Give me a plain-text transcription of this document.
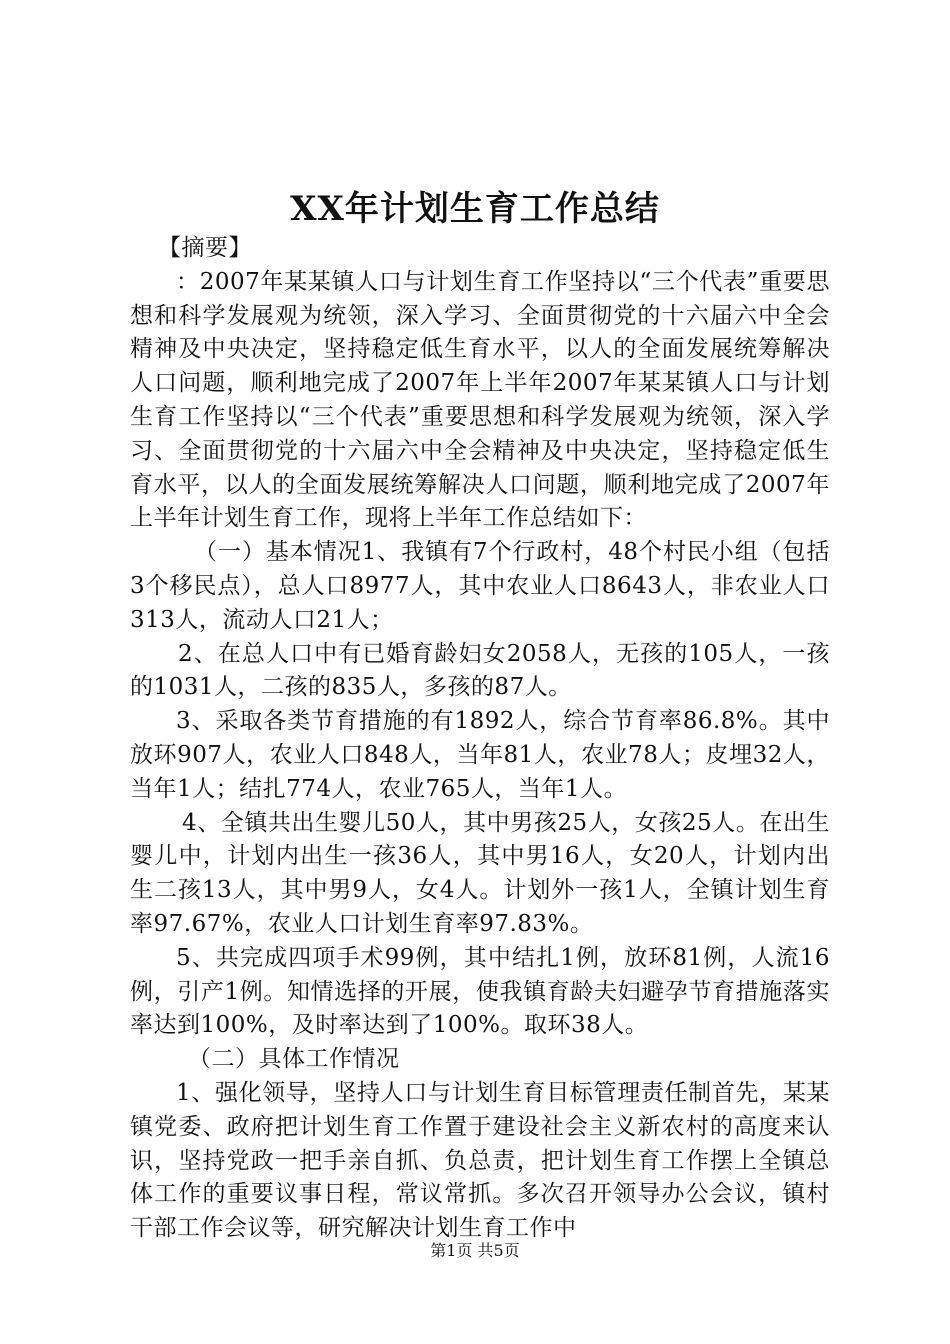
XX年计划生育工作总结

【摘要】

：2007年某某镇人口与计划生育工作坚持以“三个代表”重要思想和科学发展观为统领，深入学习、全面贯彻党的十六届六中全会精神及中央决定，坚持稳定低生育水平，以人的全面发展统筹解决人口问题，顺利地完成了2007年上半年2007年某某镇人口与计划生育工作坚持以“三个代表”重要思想和科学发展观为统领，深入学习、全面贯彻党的十六届六中全会精神及中央决定，坚持稳定低生育水平，以人的全面发展统筹解决人口问题，顺利地完成了2007年上半年计划生育工作，现将上半年工作总结如下：

（一）基本情况1、我镇有7个行政村，48个村民小组（包括3个移民点），总人口8977人，其中农业人口8643人，非农业人口313人，流动人口21人；

2、在总人口中有已婚育龄妇女2058人，无孩的105人，一孩的1031人，二孩的835人，多孩的87人。

3、采取各类节育措施的有1892人，综合节育率86.8%。其中放环907人，农业人口848人，当年81人，农业78人；皮埋32人，当年1人；结扎774人，农业765人，当年1人。

4、全镇共出生婴儿50人，其中男孩25人，女孩25人。在出生婴儿中，计划内出生一孩36人，其中男16人，女20人，计划内出生二孩13人，其中男9人，女4人。计划外一孩1人，全镇计划生育率97.67%，农业人口计划生育率97.83%。

5、共完成四项手术99例，其中结扎1例，放环81例，人流16例，引产1例。知情选择的开展，使我镇育龄夫妇避孕节育措施落实率达到100%，及时率达到了100%。取环38人。

（二）具体工作情况

1、强化领导，坚持人口与计划生育目标管理责任制首先，某某镇党委、政府把计划生育工作置于建设社会主义新农村的高度来认识，坚持党政一把手亲自抓、负总责，把计划生育工作摆上全镇总体工作的重要议事日程，常议常抓。多次召开领导办公会议，镇村干部工作会议等，研究解决计划生育工作中

第1页 共5页
